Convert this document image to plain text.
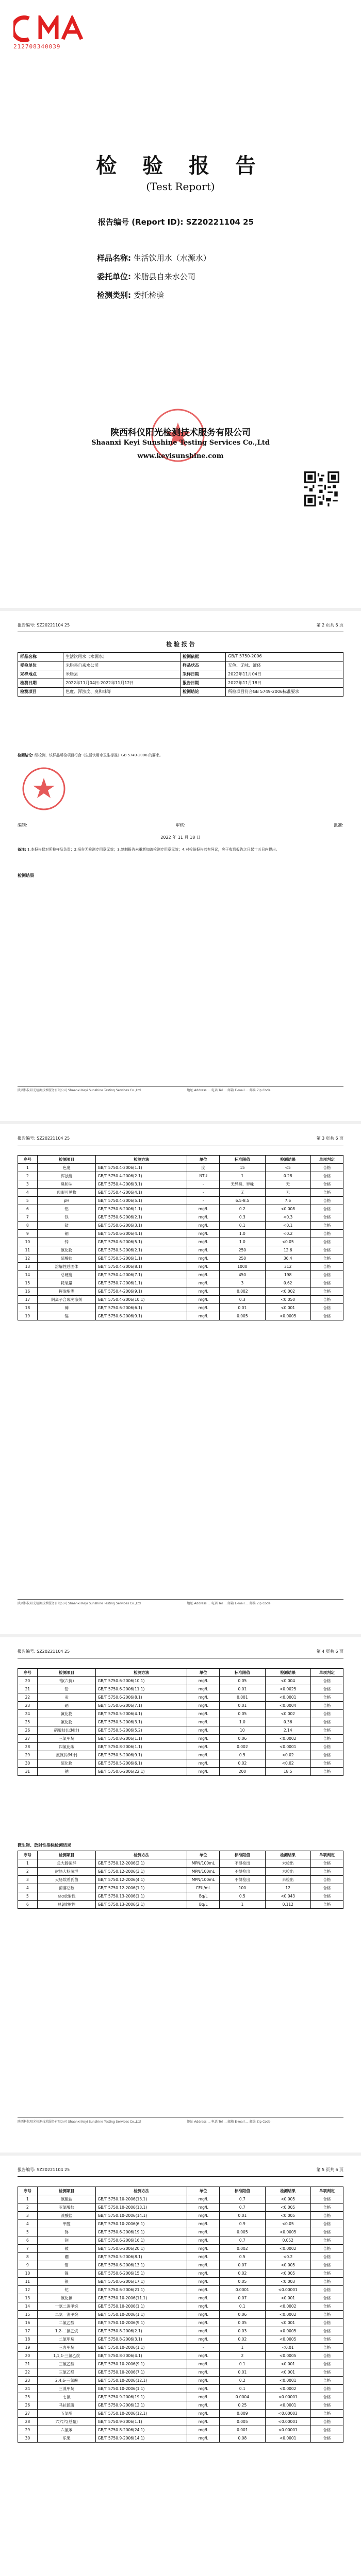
212708340039
检 验 报 告
(Test Report)
报告编号 (Report ID): SZ20221104 25
样品名称: 生活饮用水（水源水）
委托单位: 米脂县自来水公司
检测类别: 委托检验
陕西科仪阳光检测技术服务有限公司
Shaanxi Keyi Sunshine Testing Services Co.,Ltd
www.keyisunshine.com
报告编号: SZ20221104 25	第 2 页共 6 页
检 验 报 告
样品名称	生活饮用水（水源水）	检测依据	GB/T 5750-2006
受检单位	米脂县自来水公司	样品状态	无色、无味、液体
采样地点	米脂县	采样日期	2022年11月04日
检测日期	2022年11月04日-2022年11月12日	报告日期	2022年11月18日
检测项目	色度、浑浊度、臭和味等	检测结论	所检项目符合GB 5749-2006标准要求
检测结论: 经检测，该样品所检项目符合《生活饮用水卫生标准》GB 5749-2006 的要求。
编制:	审核:	批准:
2022 年 11 月 18 日
备注: 1.本报告仅对所检样品负责；2.报告无检测专用章无效；3.复制报告未重新加盖检测专用章无效；4.对检验报告若有异议，应于收到报告之日起十五日内提出。
检测结果
陕西科仪阳光检测技术服务有限公司 Shaanxi Keyi Sunshine Testing Services Co.,Ltd	地址 Address ... 电话 Tel ... 邮箱 E-mail ... 邮编 Zip Code
报告编号: SZ20221104 25	第 3 页共 6 页
序号	检测项目	检测方法	单位	标准限值	检测结果	单项判定
1	色度	GB/T 5750.4-2006(1.1)	度	15	<5	合格
2	浑浊度	GB/T 5750.4-2006(2.1)	NTU	1	0.28	合格
3	臭和味	GB/T 5750.4-2006(3.1)	-	无异臭、异味	无	合格
4	肉眼可见物	GB/T 5750.4-2006(4.1)	-	无	无	合格
5	pH	GB/T 5750.4-2006(5.1)	-	6.5-8.5	7.6	合格
6	铝	GB/T 5750.6-2006(1.1)	mg/L	0.2	<0.008	合格
7	铁	GB/T 5750.6-2006(2.1)	mg/L	0.3	<0.3	合格
8	锰	GB/T 5750.6-2006(3.1)	mg/L	0.1	<0.1	合格
9	铜	GB/T 5750.6-2006(4.1)	mg/L	1.0	<0.2	合格
10	锌	GB/T 5750.6-2006(5.1)	mg/L	1.0	<0.05	合格
11	氯化物	GB/T 5750.5-2006(2.1)	mg/L	250	12.6	合格
12	硫酸盐	GB/T 5750.5-2006(1.1)	mg/L	250	36.4	合格
13	溶解性总固体	GB/T 5750.4-2006(8.1)	mg/L	1000	312	合格
14	总硬度	GB/T 5750.4-2006(7.1)	mg/L	450	198	合格
15	耗氧量	GB/T 5750.7-2006(1.1)	mg/L	3	0.62	合格
16	挥发酚类	GB/T 5750.4-2006(9.1)	mg/L	0.002	<0.002	合格
17	阴离子合成洗涤剂	GB/T 5750.4-2006(10.1)	mg/L	0.3	<0.050	合格
18	砷	GB/T 5750.6-2006(6.1)	mg/L	0.01	<0.001	合格
19	镉	GB/T 5750.6-2006(9.1)	mg/L	0.005	<0.0005	合格
陕西科仪阳光检测技术服务有限公司 Shaanxi Keyi Sunshine Testing Services Co.,Ltd	地址 Address ... 电话 Tel ... 邮箱 E-mail ... 邮编 Zip Code
报告编号: SZ20221104 25	第 4 页共 6 页
序号	检测项目	检测方法	单位	标准限值	检测结果	单项判定
20	铬(六价)	GB/T 5750.6-2006(10.1)	mg/L	0.05	<0.004	合格
21	铅	GB/T 5750.6-2006(11.1)	mg/L	0.01	<0.0025	合格
22	汞	GB/T 5750.6-2006(8.1)	mg/L	0.001	<0.0001	合格
23	硒	GB/T 5750.6-2006(7.1)	mg/L	0.01	<0.0004	合格
24	氰化物	GB/T 5750.5-2006(4.1)	mg/L	0.05	<0.002	合格
25	氟化物	GB/T 5750.5-2006(3.1)	mg/L	1.0	0.36	合格
26	硝酸盐(以N计)	GB/T 5750.5-2006(5.2)	mg/L	10	2.14	合格
27	三氯甲烷	GB/T 5750.8-2006(1.1)	mg/L	0.06	<0.0002	合格
28	四氯化碳	GB/T 5750.8-2006(1.1)	mg/L	0.002	<0.0001	合格
29	氨氮(以N计)	GB/T 5750.5-2006(9.1)	mg/L	0.5	<0.02	合格
30	硫化物	GB/T 5750.5-2006(6.1)	mg/L	0.02	<0.02	合格
31	钠	GB/T 5750.6-2006(22.1)	mg/L	200	18.5	合格
微生物、放射性指标检测结果
序号	检测项目	检测方法	单位	标准限值	检测结果	单项判定
1	总大肠菌群	GB/T 5750.12-2006(2.1)	MPN/100mL	不得检出	未检出	合格
2	耐热大肠菌群	GB/T 5750.12-2006(3.1)	MPN/100mL	不得检出	未检出	合格
3	大肠埃希氏菌	GB/T 5750.12-2006(4.1)	MPN/100mL	不得检出	未检出	合格
4	菌落总数	GB/T 5750.12-2006(1.1)	CFU/mL	100	12	合格
5	总α放射性	GB/T 5750.13-2006(1.1)	Bq/L	0.5	<0.043	合格
6	总β放射性	GB/T 5750.13-2006(2.1)	Bq/L	1	0.112	合格
陕西科仪阳光检测技术服务有限公司 Shaanxi Keyi Sunshine Testing Services Co.,Ltd	地址 Address ... 电话 Tel ... 邮箱 E-mail ... 邮编 Zip Code
报告编号: SZ20221104 25	第 5 页共 6 页
序号	检测项目	检测方法	单位	标准限值	检测结果	单项判定
1	氯酸盐	GB/T 5750.10-2006(13.1)	mg/L	0.7	<0.005	合格
2	亚氯酸盐	GB/T 5750.10-2006(13.1)	mg/L	0.7	<0.005	合格
3	溴酸盐	GB/T 5750.10-2006(14.1)	mg/L	0.01	<0.005	合格
4	甲醛	GB/T 5750.10-2006(6.1)	mg/L	0.9	<0.05	合格
5	锑	GB/T 5750.6-2006(19.1)	mg/L	0.005	<0.0005	合格
6	钡	GB/T 5750.6-2006(16.1)	mg/L	0.7	0.052	合格
7	铍	GB/T 5750.6-2006(20.1)	mg/L	0.002	<0.0002	合格
8	硼	GB/T 5750.5-2006(8.1)	mg/L	0.5	<0.2	合格
9	钼	GB/T 5750.6-2006(13.1)	mg/L	0.07	<0.005	合格
10	镍	GB/T 5750.6-2006(15.1)	mg/L	0.02	<0.005	合格
11	银	GB/T 5750.6-2006(17.1)	mg/L	0.05	<0.003	合格
12	铊	GB/T 5750.6-2006(21.1)	mg/L	0.0001	<0.00001	合格
13	氯化氰	GB/T 5750.10-2006(11.1)	mg/L	0.07	<0.001	合格
14	一氯二溴甲烷	GB/T 5750.10-2006(1.1)	mg/L	0.1	<0.0002	合格
15	二氯一溴甲烷	GB/T 5750.10-2006(1.1)	mg/L	0.06	<0.0002	合格
16	二氯乙酸	GB/T 5750.10-2006(9.1)	mg/L	0.05	<0.001	合格
17	1,2-二氯乙烷	GB/T 5750.8-2006(2.1)	mg/L	0.03	<0.0005	合格
18	二氯甲烷	GB/T 5750.8-2006(3.1)	mg/L	0.02	<0.0005	合格
19	三卤甲烷	GB/T 5750.10-2006(1.1)	-	1	<0.01	合格
20	1,1,1-三氯乙烷	GB/T 5750.8-2006(4.1)	mg/L	2	<0.0005	合格
21	三氯乙酸	GB/T 5750.10-2006(9.1)	mg/L	0.1	<0.001	合格
22	三氯乙醛	GB/T 5750.10-2006(7.1)	mg/L	0.01	<0.001	合格
23	2,4,6-三氯酚	GB/T 5750.10-2006(12.1)	mg/L	0.2	<0.0001	合格
24	三溴甲烷	GB/T 5750.10-2006(1.1)	mg/L	0.1	<0.0002	合格
25	七氯	GB/T 5750.9-2006(19.1)	mg/L	0.0004	<0.00001	合格
26	马拉硫磷	GB/T 5750.9-2006(12.1)	mg/L	0.25	<0.0001	合格
27	五氯酚	GB/T 5750.10-2006(12.1)	mg/L	0.009	<0.00003	合格
28	六六六(总量)	GB/T 5750.9-2006(1.1)	mg/L	0.005	<0.00001	合格
29	六氯苯	GB/T 5750.8-2006(24.1)	mg/L	0.001	<0.00001	合格
30	乐果	GB/T 5750.9-2006(14.1)	mg/L	0.08	<0.0001	合格
